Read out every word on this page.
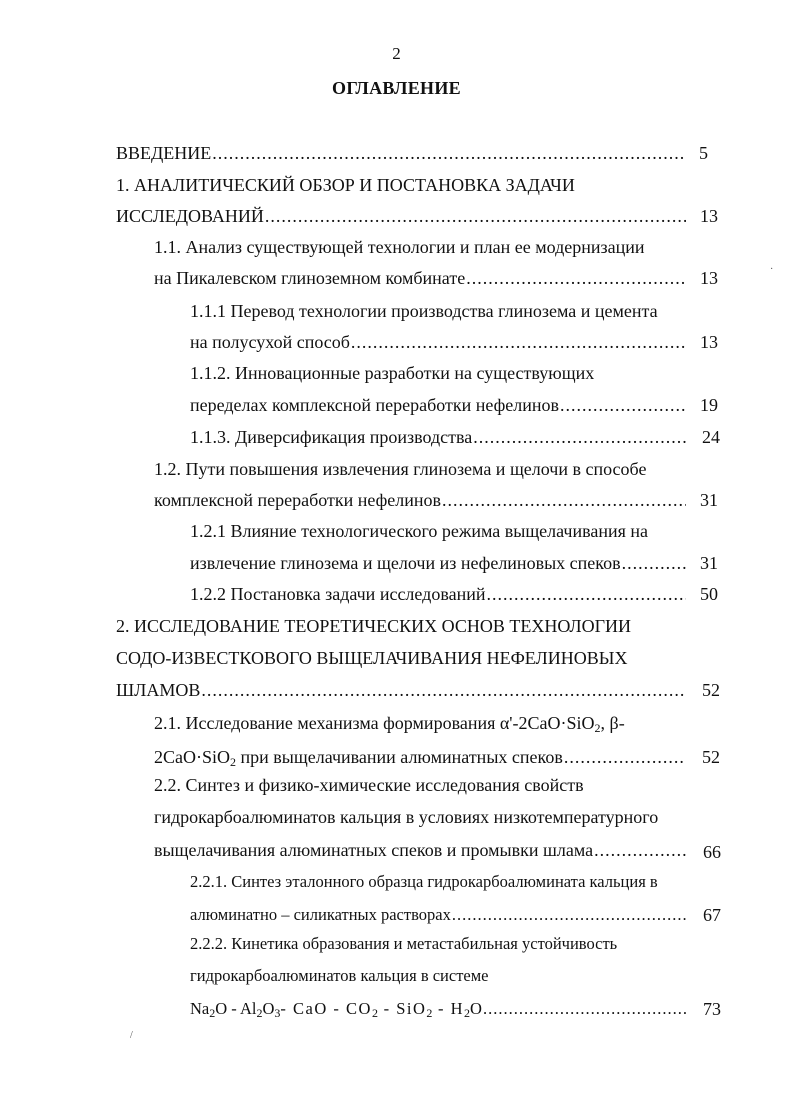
2
ОГЛАВЛЕНИЕ
ВВЕДЕНИЕ .....	5
1. АНАЛИТИЧЕСКИЙ ОБЗОР И ПОСТАНОВКА ЗАДАЧИ
ИССЛЕДОВАНИЙ .....	13
1.1. Анализ существующей технологии и план ее модернизации
на Пикалевском глиноземном комбинате .....	13
1.1.1 Перевод технологии производства глинозема и цемента
на полусухой способ .....	13
1.1.2. Инновационные разработки на существующих
переделах комплексной переработки нефелинов .....	19
1.1.3. Диверсификация производства .....	24
1.2. Пути повышения извлечения глинозема и щелочи в способе
комплексной переработки нефелинов .....	31
1.2.1 Влияние технологического режима выщелачивания на
извлечение глинозема и щелочи из нефелиновых спеков .....	31
1.2.2 Постановка задачи исследований .....	50
2. ИССЛЕДОВАНИЕ ТЕОРЕТИЧЕСКИХ ОСНОВ ТЕХНОЛОГИИ
СОДО-ИЗВЕСТКОВОГО ВЫЩЕЛАЧИВАНИЯ НЕФЕЛИНОВЫХ
ШЛАМОВ .....	52
2.1. Исследование механизма формирования α'-2CaO·SiO$_2$, β-
2CaO·SiO$_2$ при выщелачивании алюминатных спеков .....	52
2.2. Синтез и физико-химические исследования свойств
гидрокарбоалюминатов кальция в условиях низкотемпературного
выщелачивания алюминатных спеков и промывки шлама .....	66
2.2.1. Синтез эталонного образца гидрокарбоалюмината кальция в
алюминатно – силикатных растворах .....	67
2.2.2. Кинетика образования и метастабильная устойчивость
гидрокарбоалюминатов кальция в системе
$Na_2O - Al_2O_3-$ CaO - $CO_2 - SiO_2 - H_2O$ .....	73
/
·
